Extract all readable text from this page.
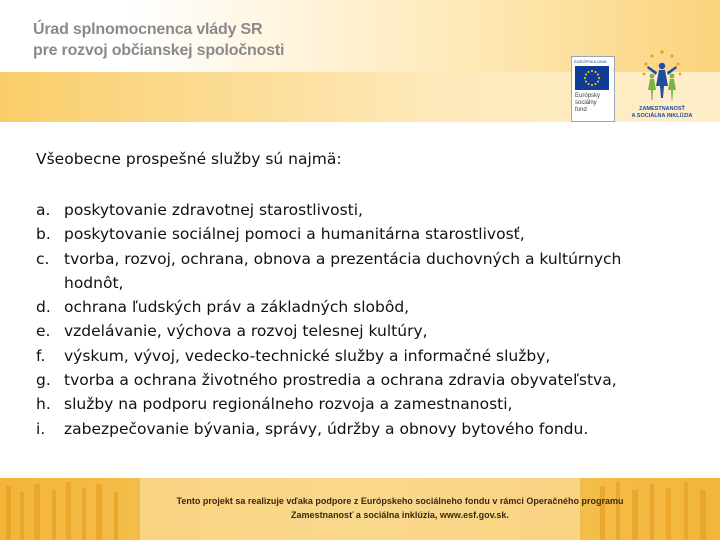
Úrad splnomocnenca vlády SR
pre rozvoj občianskej spoločnosti
EURÓPSKA ÚNIA
Európsky
sociálny
fond	ZAMESTNANOSŤ
A SOCIÁLNA INKLÚZIA
Všeobecne prospešné služby sú najmä:
a. poskytovanie zdravotnej starostlivosti,
b. poskytovanie sociálnej pomoci a humanitárna starostlivosť,
c. tvorba, rozvoj, ochrana, obnova a prezentácia duchovných a kultúrnych hodnôt,
d. ochrana ľudských práv a základných slobôd,
e. vzdelávanie, výchova a rozvoj telesnej kultúry,
f. výskum, vývoj, vedecko-technické služby a informačné služby,
g. tvorba a ochrana životného prostredia a ochrana zdravia obyvateľstva,
h. služby na podporu regionálneho rozvoja a zamestnanosti,
i. zabezpečovanie bývania, správy, údržby a obnovy bytového fondu.
Tento projekt sa realizuje vďaka podpore z Európskeho sociálneho fondu v rámci Operačného programu
Zamestnanosť a sociálna inklúzia, www.esf.gov.sk.
